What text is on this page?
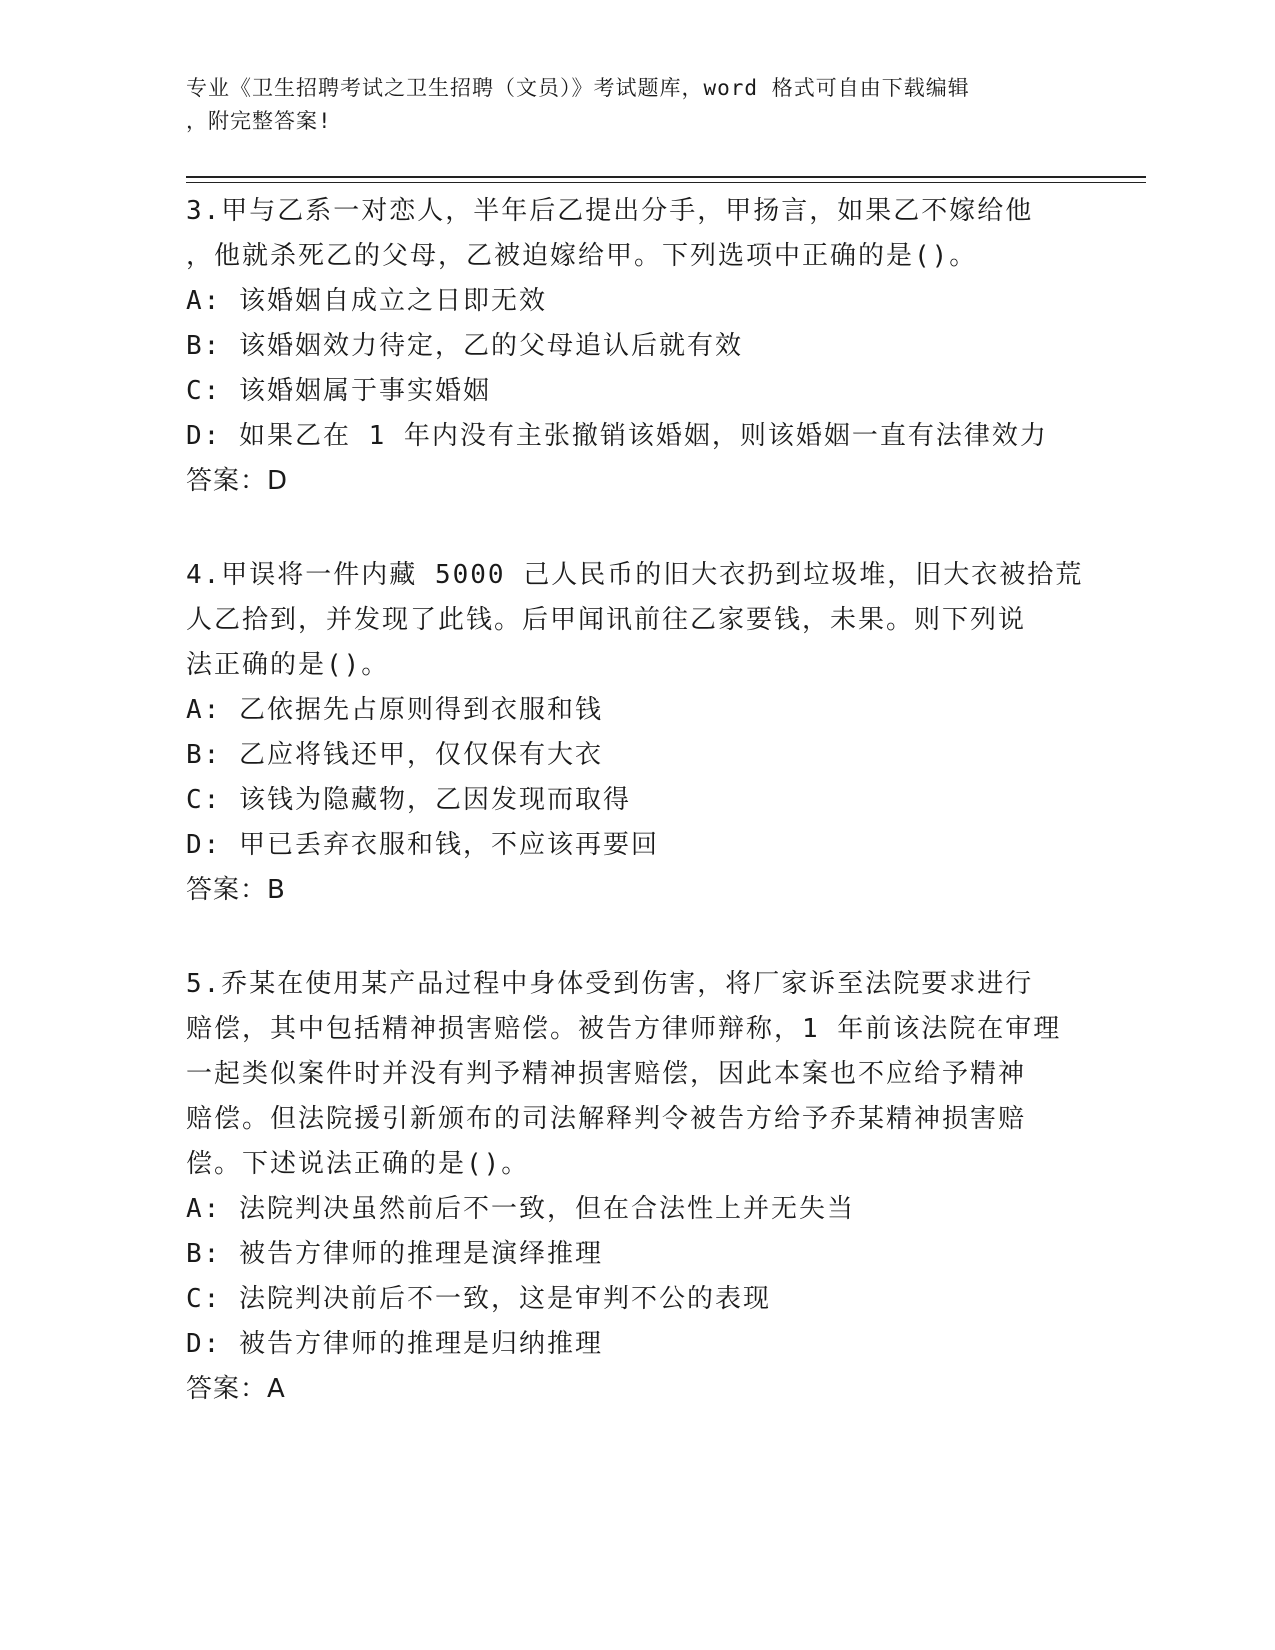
专业《卫生招聘考试之卫生招聘（文员）》考试题库，word 格式可自由下载编辑
，附完整答案!

3.甲与乙系一对恋人，半年后乙提出分手，甲扬言，如果乙不嫁给他
，他就杀死乙的父母，乙被迫嫁给甲。下列选项中正确的是()。

A: 该婚姻自成立之日即无效
B: 该婚姻效力待定，乙的父母追认后就有效
C: 该婚姻属于事实婚姻
D: 如果乙在 1 年内没有主张撤销该婚姻，则该婚姻一直有法律效力
答案：D

4.甲误将一件内藏 5000 己人民币的旧大衣扔到垃圾堆，旧大衣被拾荒
人乙拾到，并发现了此钱。后甲闻讯前往乙家要钱，未果。则下列说
法正确的是()。

A: 乙依据先占原则得到衣服和钱
B: 乙应将钱还甲，仅仅保有大衣
C: 该钱为隐藏物，乙因发现而取得
D: 甲已丢弃衣服和钱，不应该再要回
答案：B

5.乔某在使用某产品过程中身体受到伤害，将厂家诉至法院要求进行
赔偿，其中包括精神损害赔偿。被告方律师辩称，1 年前该法院在审理
一起类似案件时并没有判予精神损害赔偿，因此本案也不应给予精神
赔偿。但法院援引新颁布的司法解释判令被告方给予乔某精神损害赔
偿。下述说法正确的是()。

A: 法院判决虽然前后不一致，但在合法性上并无失当
B: 被告方律师的推理是演绎推理
C: 法院判决前后不一致，这是审判不公的表现
D: 被告方律师的推理是归纳推理
答案：A
